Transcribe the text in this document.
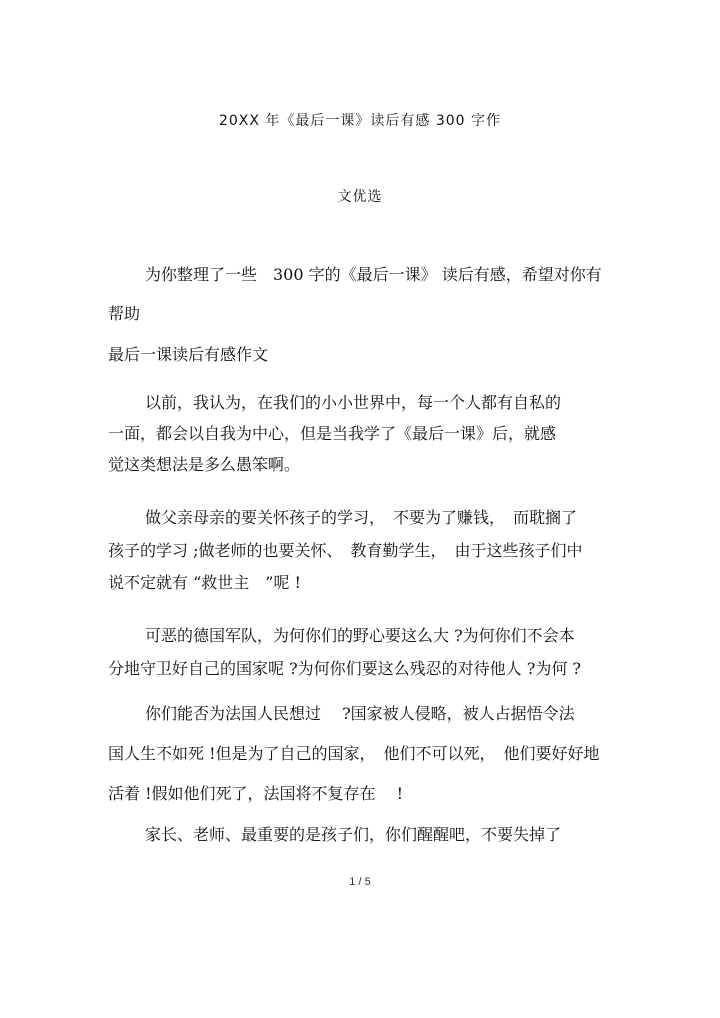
20XX 年《最后一课》读后有感 300 字作
文优选
为你整理了一些　300 字的《最后一课》 读后有感，希望对你有
帮助
最后一课读后有感作文
以前，我认为，在我们的小小世界中，每一个人都有自私的
一面，都会以自我为中心，但是当我学了《最后一课》后，就感
觉这类想法是多么愚笨啊。
做父亲母亲的要关怀孩子的学习，　不要为了赚钱，　而耽搁了
孩子的学习 ;做老师的也要关怀、　教育勤学生，　由于这些孩子们中
说不定就有 “救世主　”呢 !
可恶的德国军队，为何你们的野心要这么大 ?为何你们不会本
分地守卫好自己的国家呢 ?为何你们要这么残忍的对待他人 ?为何 ?
你们能否为法国人民想过　 ?国家被人侵略，被人占据悟令法
国人生不如死 !但是为了自己的国家，　他们不可以死，　他们要好好地
活着 !假如他们死了，法国将不复存在　 !
家长、老师、最重要的是孩子们，你们醒醒吧，不要失掉了
1 / 5
